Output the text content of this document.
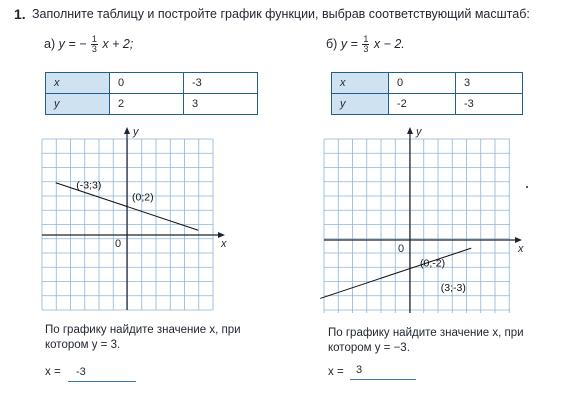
1. Заполните таблицу и постройте график функции, выбрав соответствующий масштаб:
а) y = − $\frac{1}{3}$ x + 2;	б) $y = \frac{1}{3}$ x − 2.
x	0	-3
y	2	3
x	0	3
y	-2	-3
x
y
0
(-3;3)
(0;2)
x
y
0
(0;-2)
(3;-3)
По графику найдите значение x, при котором y = 3.
По графику найдите значение x, при котором y = −3.
x =	-3	x =	3
